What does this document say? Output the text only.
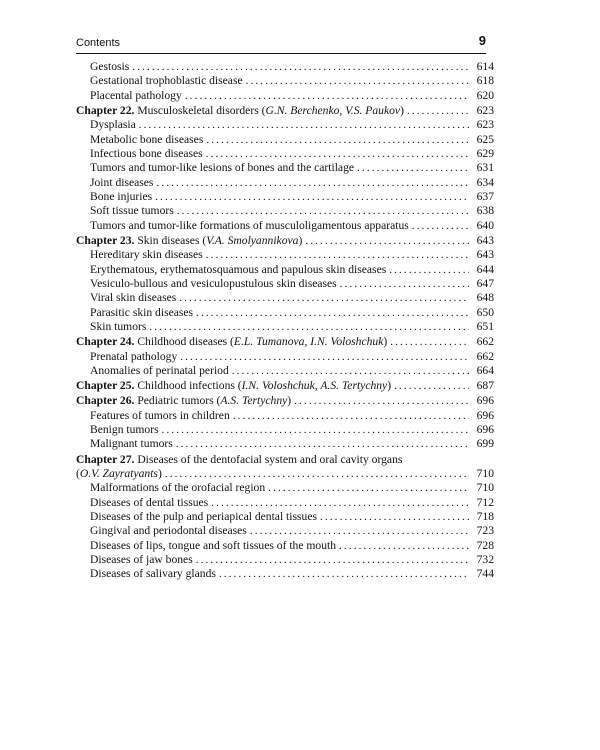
Contents	9
Gestosis . . .	614
Gestational trophoblastic disease . . .	618
Placental pathology . . .	620
Chapter 22. Musculoskeletal disorders (G.N. Berchenko, V.S. Paukov) . . .	623
Dysplasia . . .	623
Metabolic bone diseases . . .	625
Infectious bone diseases . . .	629
Tumors and tumor-like lesions of bones and the cartilage . . .	631
Joint diseases . . .	634
Bone injuries . . .	637
Soft tissue tumors . . .	638
Tumors and tumor-like formations of musculoligamentous apparatus . . .	640
Chapter 23. Skin diseases (V.A. Smolyannikova) . . .	643
Hereditary skin diseases . . .	643
Erythematous, erythematosquamous and papulous skin diseases . . .	644
Vesiculo-bullous and vesiculopustulous skin diseases . . .	647
Viral skin diseases . . .	648
Parasitic skin diseases . . .	650
Skin tumors . . .	651
Chapter 24. Childhood diseases (E.L. Tumanova, I.N. Voloshchuk) . . .	662
Prenatal pathology . . .	662
Anomalies of perinatal period . . .	664
Chapter 25. Childhood infections (I.N. Voloshchuk, A.S. Tertychny) . . .	687
Chapter 26. Pediatric tumors (A.S. Tertychny) . . .	696
Features of tumors in children . . .	696
Benign tumors . . .	696
Malignant tumors . . .	699
Chapter 27. Diseases of the dentofacial system and oral cavity organs
(O.V. Zayratyants) . . .	710
Malformations of the orofacial region . . .	710
Diseases of dental tissues . . .	712
Diseases of the pulp and periapical dental tissues . . .	718
Gingival and periodontal diseases . . .	723
Diseases of lips, tongue and soft tissues of the mouth . . .	728
Diseases of jaw bones . . .	732
Diseases of salivary glands . . .	744
